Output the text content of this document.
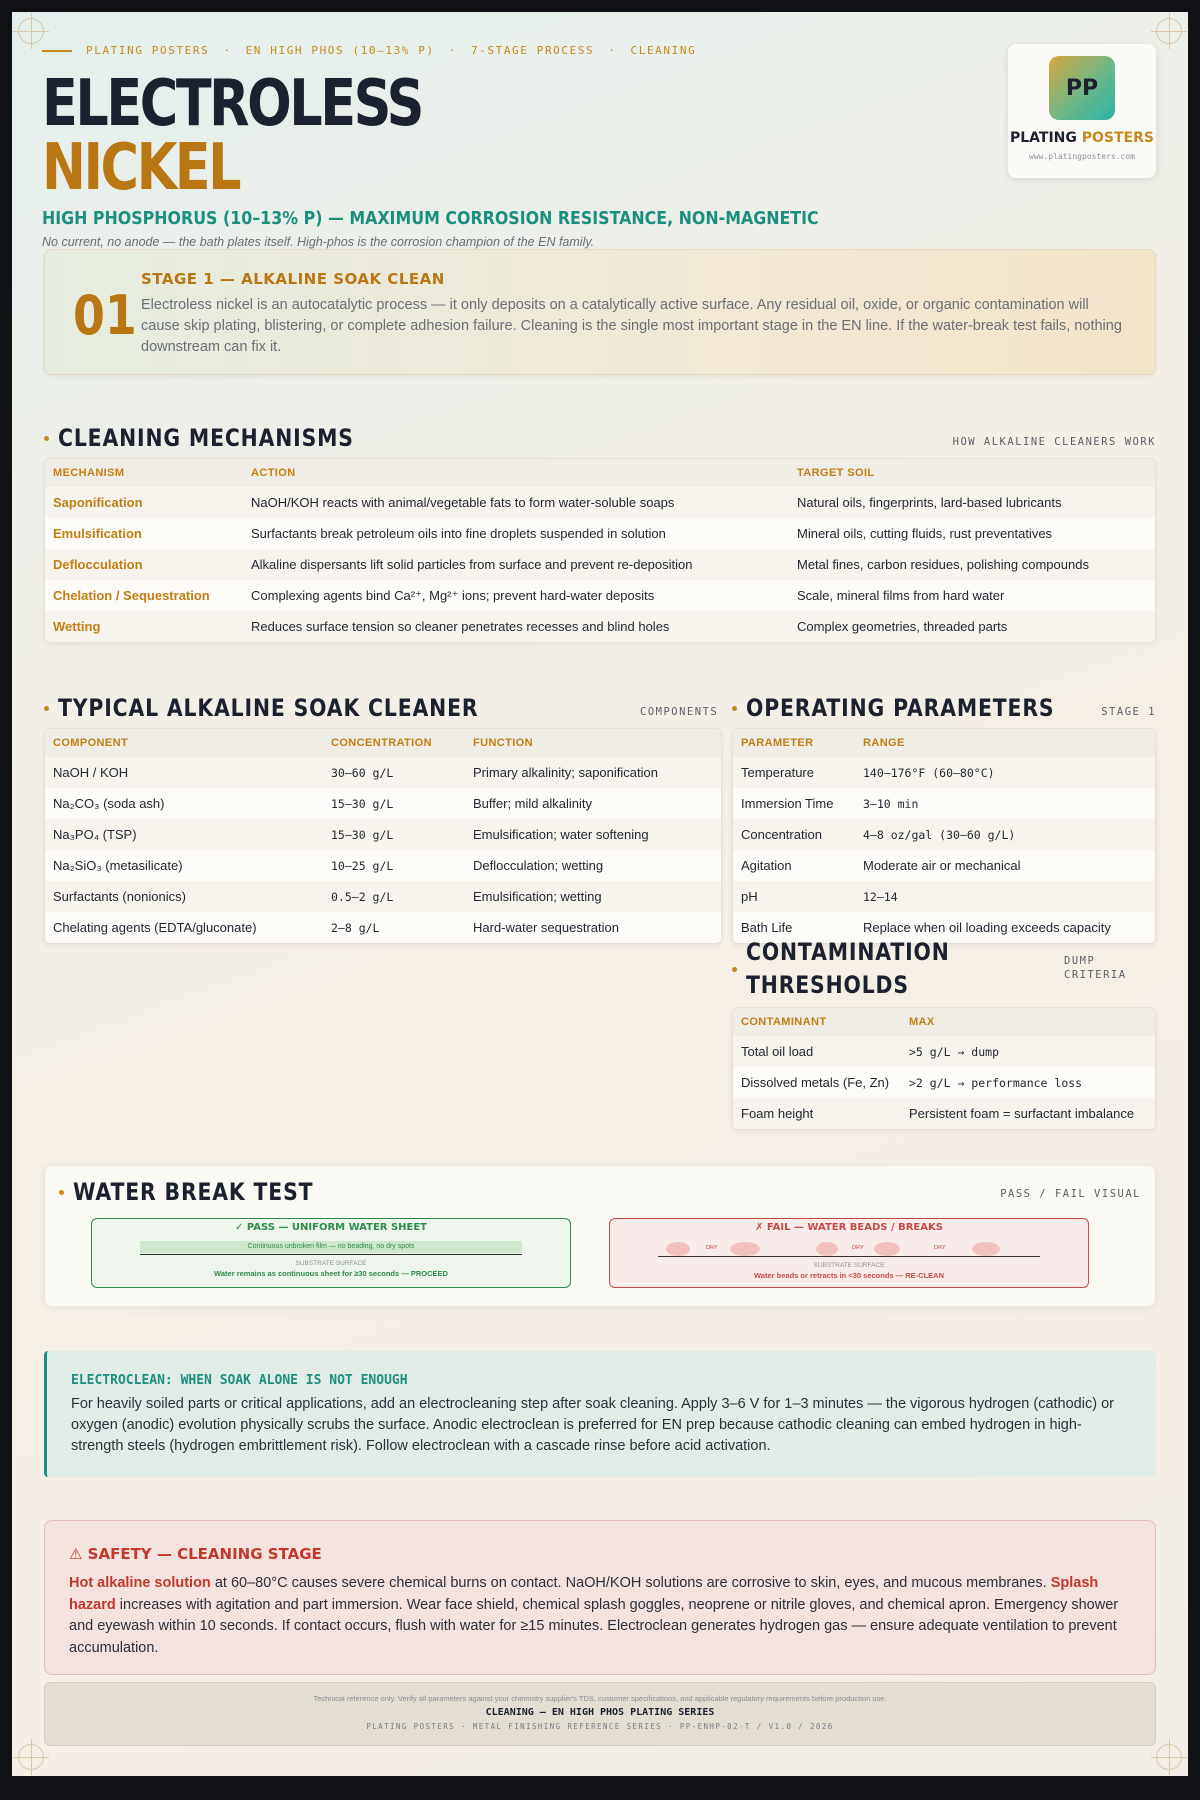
PLATING POSTERS · EN HIGH PHOS (10–13% P) · 7-STAGE PROCESS · CLEANING
ELECTROLESS
NICKEL
HIGH PHOSPHORUS (10–13% P) — MAXIMUM CORROSION RESISTANCE, NON-MAGNETIC
No current, no anode — the bath plates itself. High-phos is the corrosion champion of the EN family.
PP
PLATING POSTERS
www.platingposters.com
01
STAGE 1 — ALKALINE SOAK CLEAN
Electroless nickel is an autocatalytic process — it only deposits on a catalytically active surface. Any residual oil, oxide, or organic contamination will cause skip plating, blistering, or complete adhesion failure. Cleaning is the single most important stage in the EN line. If the water-break test fails, nothing downstream can fix it.
CLEANING MECHANISMS	HOW ALKALINE CLEANERS WORK
MECHANISM	ACTION	TARGET SOIL
Saponification	NaOH/KOH reacts with animal/vegetable fats to form water-soluble soaps	Natural oils, fingerprints, lard-based lubricants
Emulsification	Surfactants break petroleum oils into fine droplets suspended in solution	Mineral oils, cutting fluids, rust preventatives
Deflocculation	Alkaline dispersants lift solid particles from surface and prevent re-deposition	Metal fines, carbon residues, polishing compounds
Chelation / Sequestration	Complexing agents bind Ca²⁺, Mg²⁺ ions; prevent hard-water deposits	Scale, mineral films from hard water
Wetting	Reduces surface tension so cleaner penetrates recesses and blind holes	Complex geometries, threaded parts
TYPICAL ALKALINE SOAK CLEANER	COMPONENTS
COMPONENT	CONCENTRATION	FUNCTION
NaOH / KOH	30–60 g/L	Primary alkalinity; saponification
Na₂CO₃ (soda ash)	15–30 g/L	Buffer; mild alkalinity
Na₃PO₄ (TSP)	15–30 g/L	Emulsification; water softening
Na₂SiO₃ (metasilicate)	10–25 g/L	Deflocculation; wetting
Surfactants (nonionics)	0.5–2 g/L	Emulsification; wetting
Chelating agents (EDTA/gluconate)	2–8 g/L	Hard-water sequestration
OPERATING PARAMETERS	STAGE 1
PARAMETER	RANGE
Temperature	140–176°F (60–80°C)
Immersion Time	3–10 min
Concentration	4–8 oz/gal (30–60 g/L)
Agitation	Moderate air or mechanical
pH	12–14
Bath Life	Replace when oil loading exceeds capacity
CONTAMINATION
THRESHOLDS
DUMP
CRITERIA
CONTAMINANT	MAX
Total oil load	>5 g/L → dump
Dissolved metals (Fe, Zn)	>2 g/L → performance loss
Foam height	Persistent foam = surfactant imbalance
WATER BREAK TEST	PASS / FAIL VISUAL
✓ PASS — UNIFORM WATER SHEET
Continuous unbroken film — no beading, no dry spots
SUBSTRATE SURFACE
Water remains as continuous sheet for ≥30 seconds — PROCEED
✗ FAIL — WATER BEADS / BREAKS
DRY	DRY	DRY
SUBSTRATE SURFACE
Water beads or retracts in <30 seconds — RE-CLEAN
ELECTROCLEAN: WHEN SOAK ALONE IS NOT ENOUGH
For heavily soiled parts or critical applications, add an electrocleaning step after soak cleaning. Apply 3–6 V for 1–3 minutes — the vigorous hydrogen (cathodic) or oxygen (anodic) evolution physically scrubs the surface. Anodic electroclean is preferred for EN prep because cathodic cleaning can embed hydrogen in high-strength steels (hydrogen embrittlement risk). Follow electroclean with a cascade rinse before acid activation.
⚠ SAFETY — CLEANING STAGE
Hot alkaline solution at 60–80°C causes severe chemical burns on contact. NaOH/KOH solutions are corrosive to skin, eyes, and mucous membranes. Splash hazard increases with agitation and part immersion. Wear face shield, chemical splash goggles, neoprene or nitrile gloves, and chemical apron. Emergency shower and eyewash within 10 seconds. If contact occurs, flush with water for ≥15 minutes. Electroclean generates hydrogen gas — ensure adequate ventilation to prevent accumulation.
Technical reference only. Verify all parameters against your chemistry supplier's TDS, customer specifications, and applicable regulatory requirements before production use.
CLEANING — EN HIGH PHOS PLATING SERIES
PLATING POSTERS · METAL FINISHING REFERENCE SERIES · PP-ENHP-02-T / V1.0 / 2026
